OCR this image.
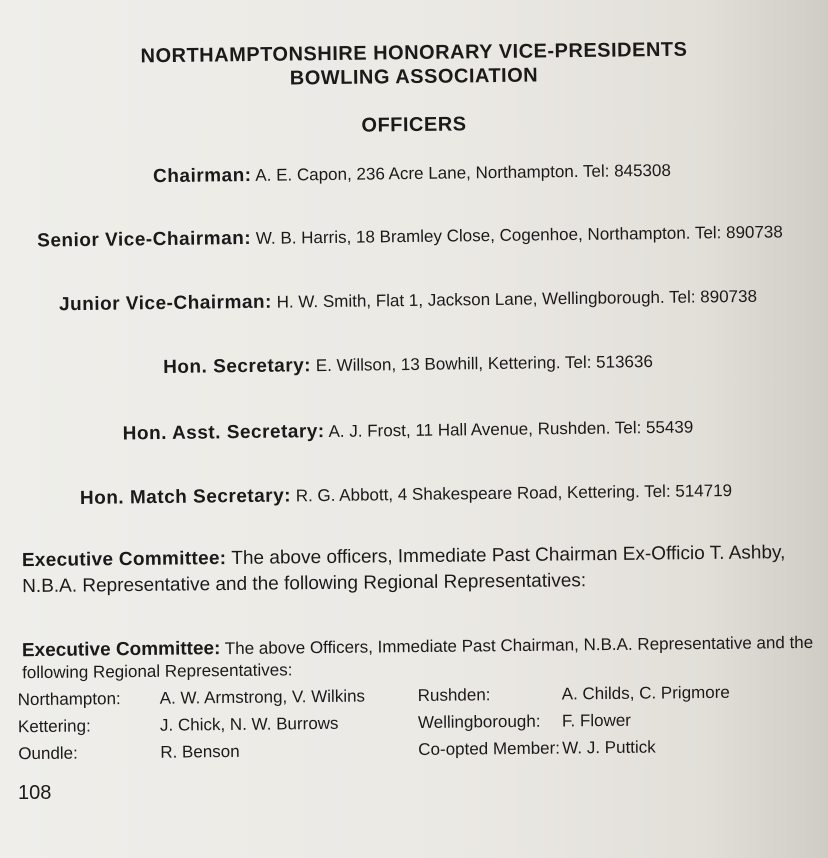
NORTHAMPTONSHIRE HONORARY VICE-PRESIDENTS
BOWLING ASSOCIATION
OFFICERS
Chairman: A. E. Capon, 236 Acre Lane, Northampton. Tel: 845308
Senior Vice-Chairman: W. B. Harris, 18 Bramley Close, Cogenhoe, Northampton. Tel: 890738
Junior Vice-Chairman: H. W. Smith, Flat 1, Jackson Lane, Wellingborough. Tel: 890738
Hon. Secretary: E. Willson, 13 Bowhill, Kettering. Tel: 513636
Hon. Asst. Secretary: A. J. Frost, 11 Hall Avenue, Rushden. Tel: 55439
Hon. Match Secretary: R. G. Abbott, 4 Shakespeare Road, Kettering. Tel: 514719
Executive Committee: The above officers, Immediate Past Chairman Ex-Officio T. Ashby, N.B.A. Representative and the following Regional Representatives:
Executive Committee: The above Officers, Immediate Past Chairman, N.B.A. Representative and the following Regional Representatives:
Northampton: A. W. Armstrong, V. Wilkins	Rushden:	A. Childs, C. Prigmore
Kettering:	J. Chick, N. W. Burrows	Wellingborough: F. Flower
Oundle:	R. Benson	Co-opted Member: W. J. Puttick
108
